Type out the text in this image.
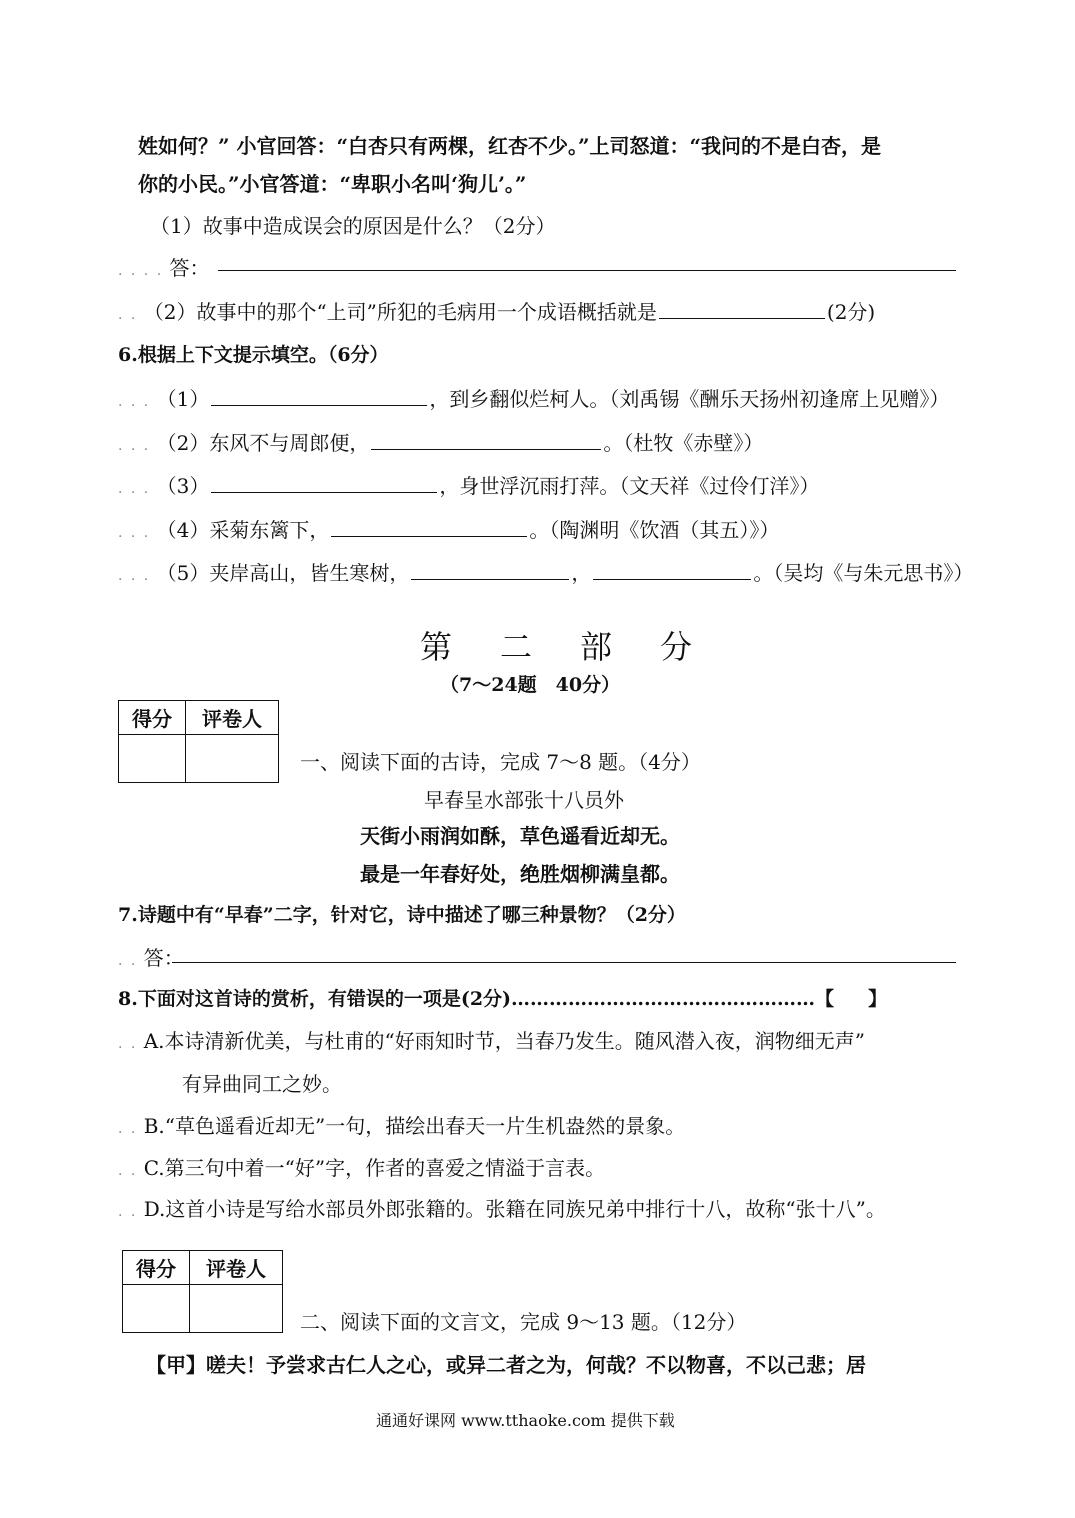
姓如何？” 小官回答：“白杏只有两棵，红杏不少。”上司怒道：“我问的不是白杏，是
你的小民。”小官答道：“卑职小名叫‘狗儿’。”
（1）故事中造成误会的原因是什么？（2分）
. . . . 答：
. . （2）故事中的那个“上司”所犯的毛病用一个成语概括就是	(2分)
6.根据上下文提示填空。（6分）
. . . （1）	，到乡翻似烂柯人。（刘禹锡《酬乐天扬州初逢席上见赠》）
. . . （2）东风不与周郎便，	。（杜牧《赤壁》）
. . . （3）	，身世浮沉雨打萍。（文天祥《过伶仃洋》）
. . . （4）采菊东篱下，	。（陶渊明《饮酒（其五）》）
. . . （5）夹岸高山，皆生寒树，	，	。（吴均《与朱元思书》）
第二部分
（7～24题　40分）
得分	评卷人

一、阅读下面的古诗，完成 7～8 题。（4分）
早春呈水部张十八员外
天街小雨润如酥，草色遥看近却无。
最是一年春好处，绝胜烟柳满皇都。
7.诗题中有“早春”二字，针对它，诗中描述了哪三种景物？（2分）
. . 答：
8.下面对这首诗的赏析，有错误的一项是(2分)…………………………………………【 】
. . A.本诗清新优美，与杜甫的“好雨知时节，当春乃发生。随风潜入夜，润物细无声”
有异曲同工之妙。
. . B.“草色遥看近却无”一句，描绘出春天一片生机盎然的景象。
. . C.第三句中着一“好”字，作者的喜爱之情溢于言表。
. . D.这首小诗是写给水部员外郎张籍的。张籍在同族兄弟中排行十八，故称“张十八”。
得分	评卷人

二、阅读下面的文言文，完成 9～13 题。（12分）
【甲】嗟夫！予尝求古仁人之心，或异二者之为，何哉？不以物喜，不以己悲；居
通通好课网 www.tthaoke.com 提供下载
